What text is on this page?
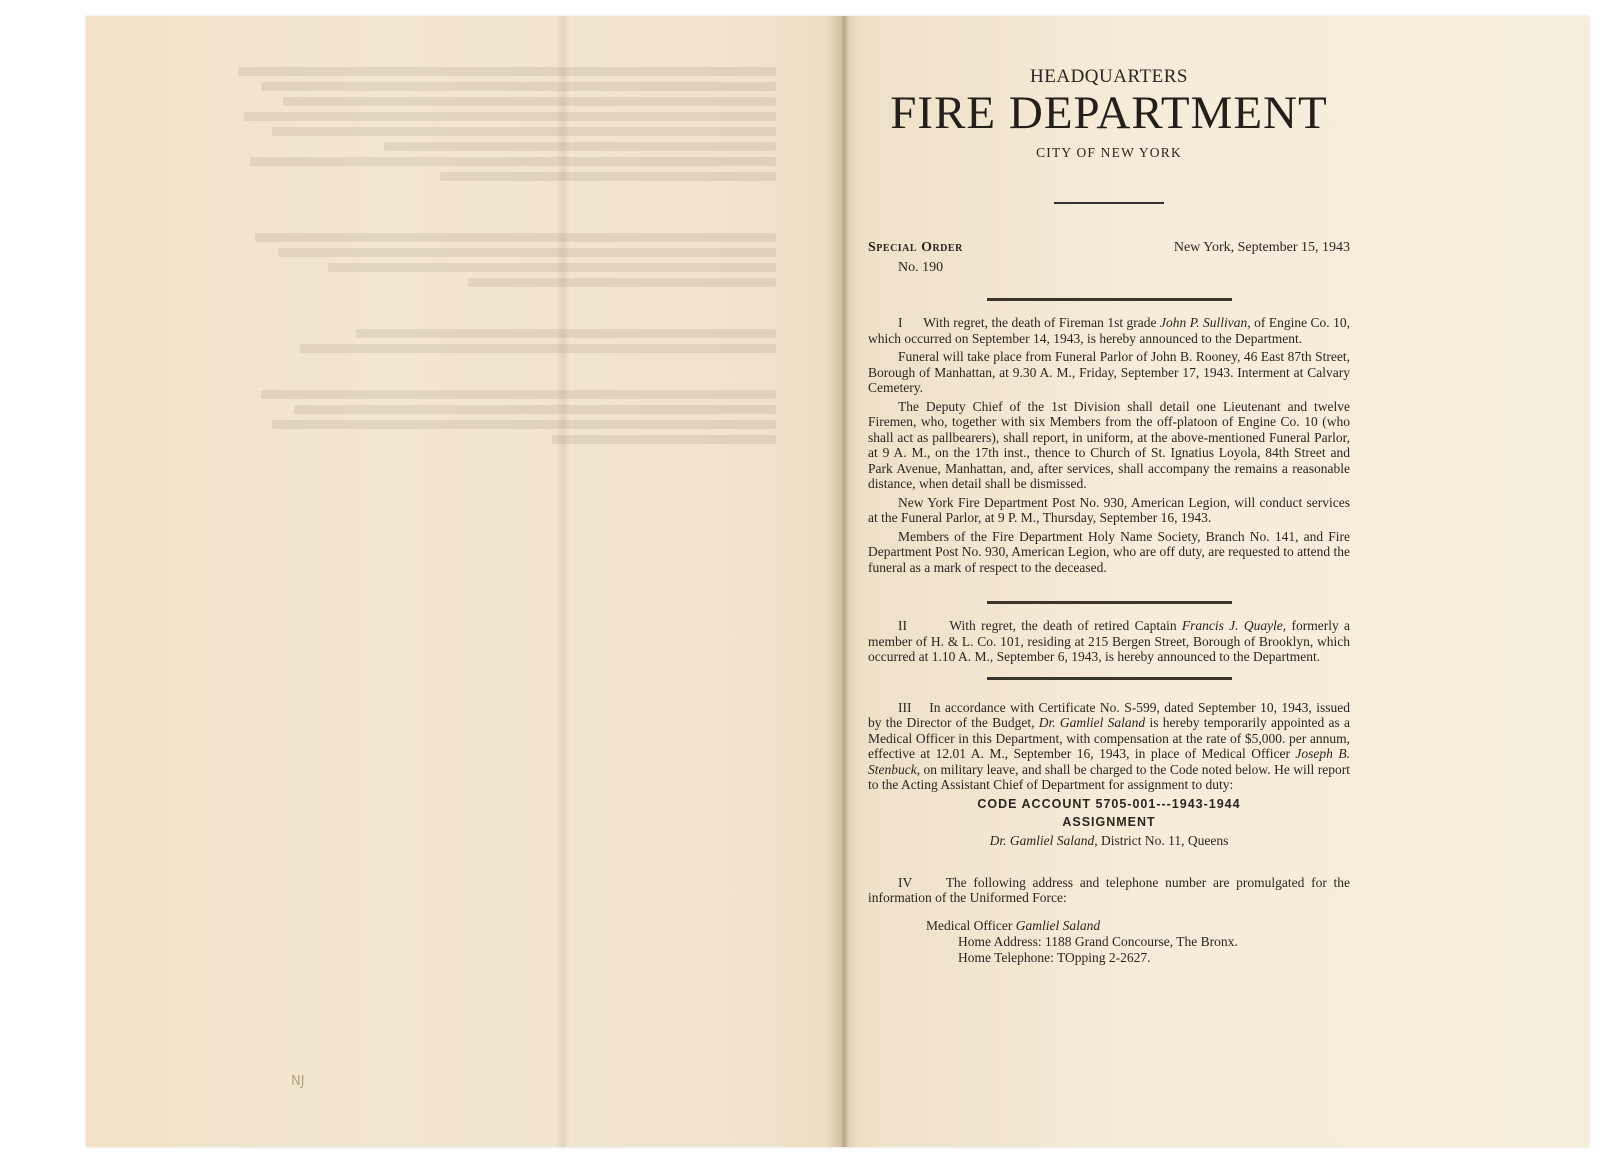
NJ
HEADQUARTERS
FIRE DEPARTMENT
CITY OF NEW YORK
Special Order
No. 190
New York, September 15, 1943

I With regret, the death of Fireman 1st grade John P. Sullivan, of Engine Co. 10, which occurred on September 14, 1943, is hereby announced to the Department.

Funeral will take place from Funeral Parlor of John B. Rooney, 46 East 87th Street, Borough of Manhattan, at 9.30 A. M., Friday, September 17, 1943. Interment at Calvary Cemetery.

The Deputy Chief of the 1st Division shall detail one Lieutenant and twelve Firemen, who, together with six Members from the off-platoon of Engine Co. 10 (who shall act as pallbearers), shall report, in uniform, at the above-mentioned Funeral Parlor, at 9 A. M., on the 17th inst., thence to Church of St. Ignatius Loyola, 84th Street and Park Avenue, Manhattan, and, after services, shall accompany the remains a reasonable distance, when detail shall be dismissed.

New York Fire Department Post No. 930, American Legion, will conduct services at the Funeral Parlor, at 9 P. M., Thursday, September 16, 1943.

Members of the Fire Department Holy Name Society, Branch No. 141, and Fire Department Post No. 930, American Legion, who are off duty, are requested to attend the funeral as a mark of respect to the deceased.

II	With regret, the death of retired Captain Francis J. Quayle, formerly a member of H. & L. Co. 101, residing at 215 Bergen Street, Borough of Brooklyn, which occurred at 1.10 A. M., September 6, 1943, is hereby announced to the Department.

III In accordance with Certificate No. S-599, dated September 10, 1943, issued by the Director of the Budget, Dr. Gamliel Saland is hereby temporarily appointed as a Medical Officer in this Department, with compensation at the rate of $5,000. per annum, effective at 12.01 A. M., September 16, 1943, in place of Medical Officer Joseph B. Stenbuck, on military leave, and shall be charged to the Code noted below. He will report to the Acting Assistant Chief of Department for assignment to duty:

CODE ACCOUNT 5705-001---1943-1944
ASSIGNMENT
Dr. Gamliel Saland, District No. 11, Queens

IV The following address and telephone number are promulgated for the information of the Uniformed Force:

Medical Officer Gamliel Saland
Home Address: 1188 Grand Concourse, The Bronx.
Home Telephone: TOpping 2-2627.
